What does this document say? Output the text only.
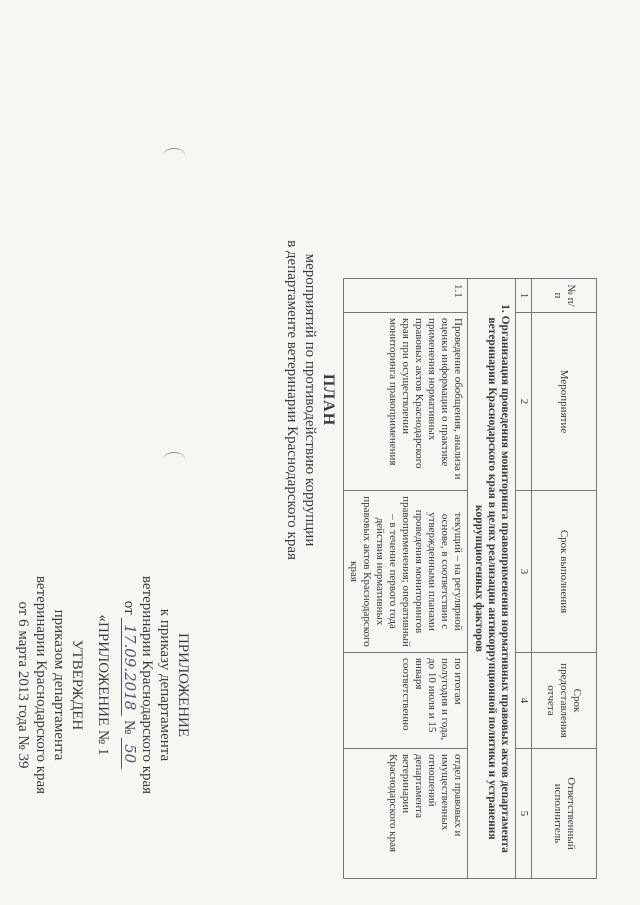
ПРИЛОЖЕНИЕ
к приказу департамента
ветеринарии Краснодарского края
от 17.09.2018 № 50
«ПРИЛОЖЕНИЕ № 1
УТВЕРЖДЕН
приказом департамента
ветеринарии Краснодарского края
от 6 марта 2013 года № 39
ПЛАН
мероприятий по противодействию коррупции
в департаменте ветеринарии Краснодарского края	№ п/п	Мероприятие	Срок выполнения	Срок предоставления отчета	Ответственный исполнитель
1	2	3	4	5
1. Организация проведения мониторинга правоприменения нормативных правовых актов департамента ветеринарии Краснодарского края в целях реализации антикоррупционной политики и устранения коррупциогенных факторов				
1.1	Проведение обобщения, анализа и оценки информации о практике применения нормативных правовых актов Краснодарского края при осуществлении мониторинга правоприменения	текущий – на регулярной основе, в соответствии с утвержденными планами проведения мониторингов правоприменения; оперативный – в течение первого года действия нормативных правовых актов Краснодарского края	по итогам полугодия и года, до 10 июля и 15 января соответственно	отдел правовых и имущественных отношений департамента ветеринарии Краснодарского края
